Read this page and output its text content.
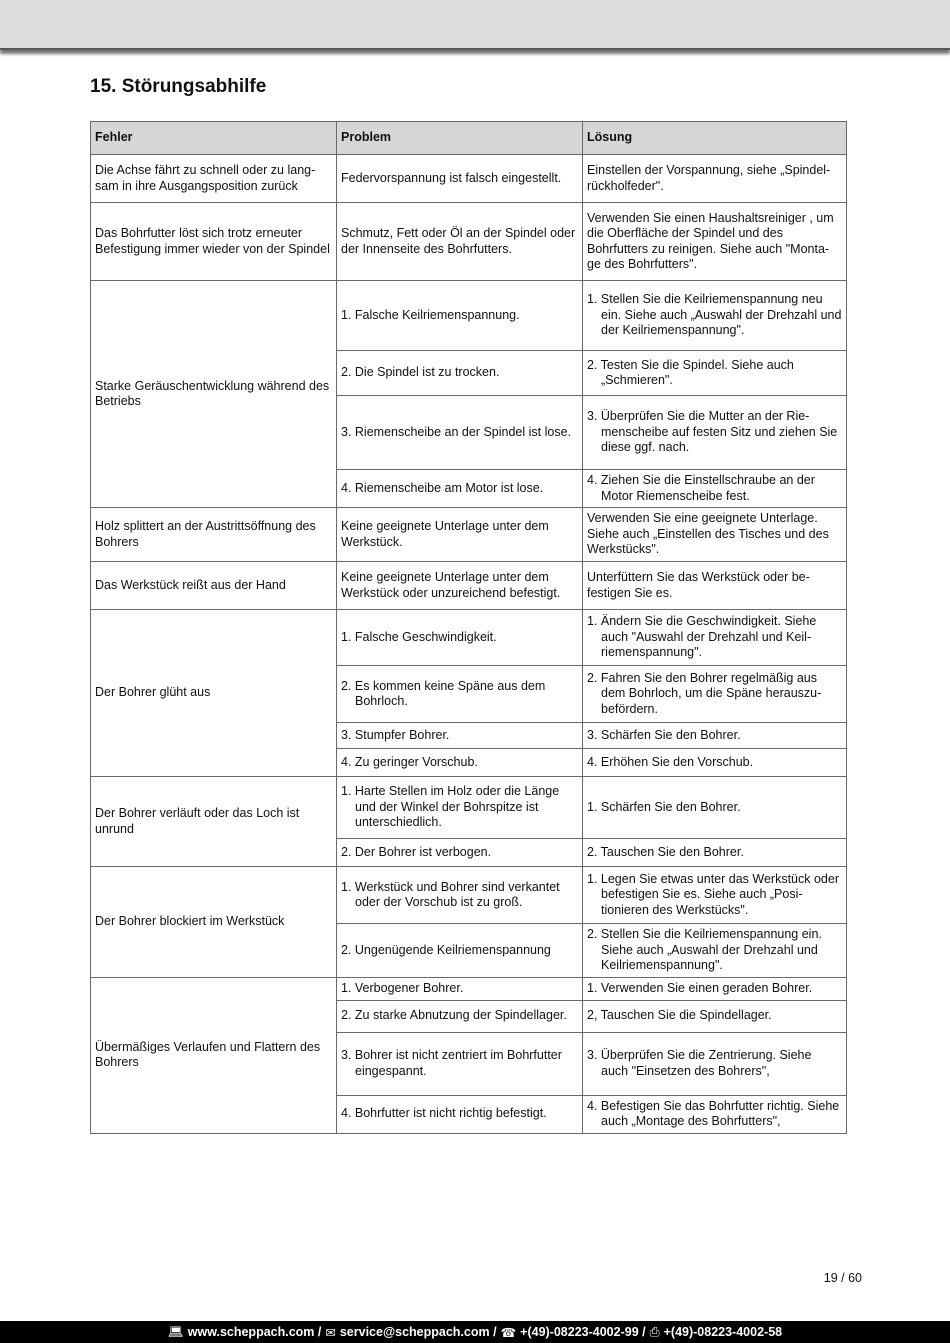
15. Störungsabhilfe
Fehler	Problem	Lösung
Die Achse fährt zu schnell oder zu lang-sam in ihre Ausgangsposition zurück	Federvorspannung ist falsch eingestellt.	Einstellen der Vorspannung, siehe „Spindel-rückholfeder".
Das Bohrfutter löst sich trotz erneuter Befestigung immer wieder von der Spindel	Schmutz, Fett oder Öl an der Spindel oder der Innenseite des Bohrfutters.	Verwenden Sie einen Haushaltsreiniger , um die Oberfläche der Spindel und des Bohrfutters zu reinigen. Siehe auch "Monta-ge des Bohrfutters".
Starke Geräuschentwicklung während des Betriebs	1. Falsche Keilriemenspannung.	1. Stellen Sie die Keilriemenspannung neu ein. Siehe auch „Auswahl der Drehzahl und der Keilriemenspannung".

	2. Die Spindel ist zu trocken.	2. Testen Sie die Spindel. Siehe auch „Schmieren".

	3. Riemenscheibe an der Spindel ist lose.	3. Überprüfen Sie die Mutter an der Rie-menscheibe auf festen Sitz und ziehen Sie diese ggf. nach.

	4. Riemenscheibe am Motor ist lose.	4. Ziehen Sie die Einstellschraube an der Motor Riemenscheibe fest.

Holz splittert an der Austrittsöffnung des Bohrers	Keine geeignete Unterlage unter dem Werkstück.	Verwenden Sie eine geeignete Unterlage. Siehe auch „Einstellen des Tisches und des Werkstücks".
Das Werkstück reißt aus der Hand	Keine geeignete Unterlage unter dem Werkstück oder unzureichend befestigt.	Unterfüttern Sie das Werkstück oder be-festigen Sie es.
Der Bohrer glüht aus	1. Falsche Geschwindigkeit.	1. Ändern Sie die Geschwindigkeit. Siehe auch "Auswahl der Drehzahl und Keil-riemenspannung".

	2. Es kommen keine Späne aus dem Bohrloch.	2. Fahren Sie den Bohrer regelmäßig aus dem Bohrloch, um die Späne herauszu-befördern.

	3. Stumpfer Bohrer.	3. Schärfen Sie den Bohrer.

	4. Zu geringer Vorschub.	4. Erhöhen Sie den Vorschub.

Der Bohrer verläuft oder das Loch ist unrund	1. Harte Stellen im Holz oder die Länge und der Winkel der Bohrspitze ist unterschiedlich.	1. Schärfen Sie den Bohrer.

	2. Der Bohrer ist verbogen.	2. Tauschen Sie den Bohrer.

Der Bohrer blockiert im Werkstück	1. Werkstück und Bohrer sind verkantet oder der Vorschub ist zu groß.	1. Legen Sie etwas unter das Werkstück oder befestigen Sie es. Siehe auch „Posi-tionieren des Werkstücks".

	2. Ungenügende Keilriemenspannung	2. Stellen Sie die Keilriemenspannung ein. Siehe auch „Auswahl der Drehzahl und Keilriemenspannung".

Übermäßiges Verlaufen und Flattern des Bohrers	1. Verbogener Bohrer.	1. Verwenden Sie einen geraden Bohrer.

	2. Zu starke Abnutzung der Spindellager.	2, Tauschen Sie die Spindellager.

	3. Bohrer ist nicht zentriert im Bohrfutter eingespannt.	3. Überprüfen Sie die Zentrierung. Siehe auch "Einsetzen des Bohrers",

	4. Bohrfutter ist nicht richtig befestigt.	4. Befestigen Sie das Bohrfutter richtig. Siehe auch „Montage des Bohrfutters",
19 / 60
💻︎ www.scheppach.com / ✉︎ service@scheppach.com / ☎ +(49)-08223-4002-99 / ⎙ +(49)-08223-4002-58
